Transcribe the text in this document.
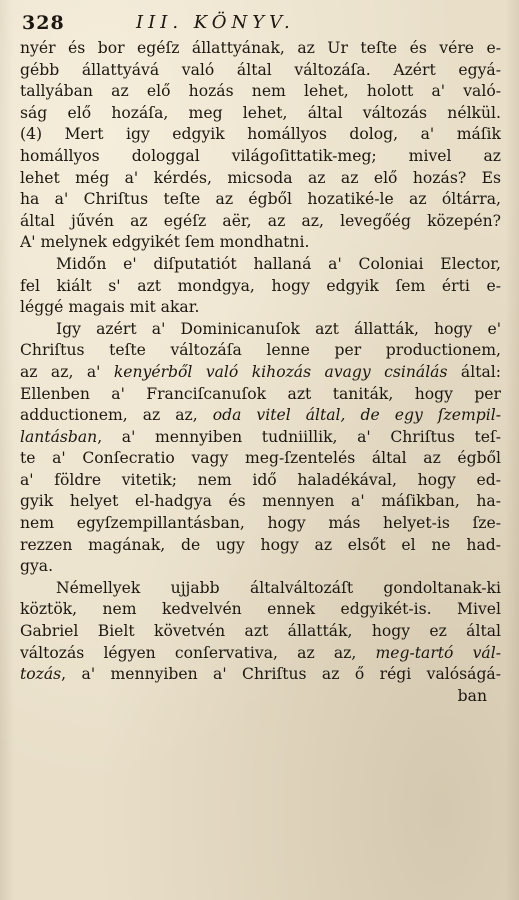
328	III. KÖNYV.
nyér és bor egéſz állattyának, az Ur teſte és vére e-
gébb állattyává való által változáſa. Azért egyá-
tallyában az elő hozás nem lehet, holott a' való-
ság elő hozáſa, meg lehet, által változás nélkül.
(4) Mert igy edgyik homállyos dolog, a' máſik
homállyos dologgal világoſittatik-meg; mivel az
lehet még a' kérdés, micsoda az az elő hozás? Es
ha a' Chriſtus teſte az égből hozatiké-le az óltárra,
által jűvén az egéſz aër, az az, levegőég közepén?
A' melynek edgyikét ſem mondhatni.
Midőn e' diſputatiót hallaná a' Coloniai Elector,
fel kiált s' azt mondgya, hogy edgyik ſem érti e-
léggé magais mit akar.
Igy azért a' Dominicanuſok azt állatták, hogy e'
Chriſtus teſte változáſa lenne per productionem,
az az, a' kenyérből való kihozás avagy csinálás által:
Ellenben a' Franciſcanuſok azt taniták, hogy per
adductionem, az az, oda vitel által, de egy ſzempil-
lantásban, a' mennyiben tudniillik, a' Chriſtus teſ-
te a' Conſecratio vagy meg-ſzentelés által az égből
a' földre vitetik; nem idő haladékával, hogy ed-
gyik helyet el-hadgya és mennyen a' máſikban, ha-
nem egyſzempillantásban, hogy más helyet-is ſze-
rezzen magának, de ugy hogy az elsőt el ne had-
gya.
Némellyek ujjabb általváltozáſt gondoltanak-ki
köztök, nem kedvelvén ennek edgyikét-is. Mivel
Gabriel Bielt követvén azt állatták, hogy ez által
változás légyen conſervativa, az az, meg-tartó vál-
tozás, a' mennyiben a' Chriſtus az ő régi valóságá-
ban
